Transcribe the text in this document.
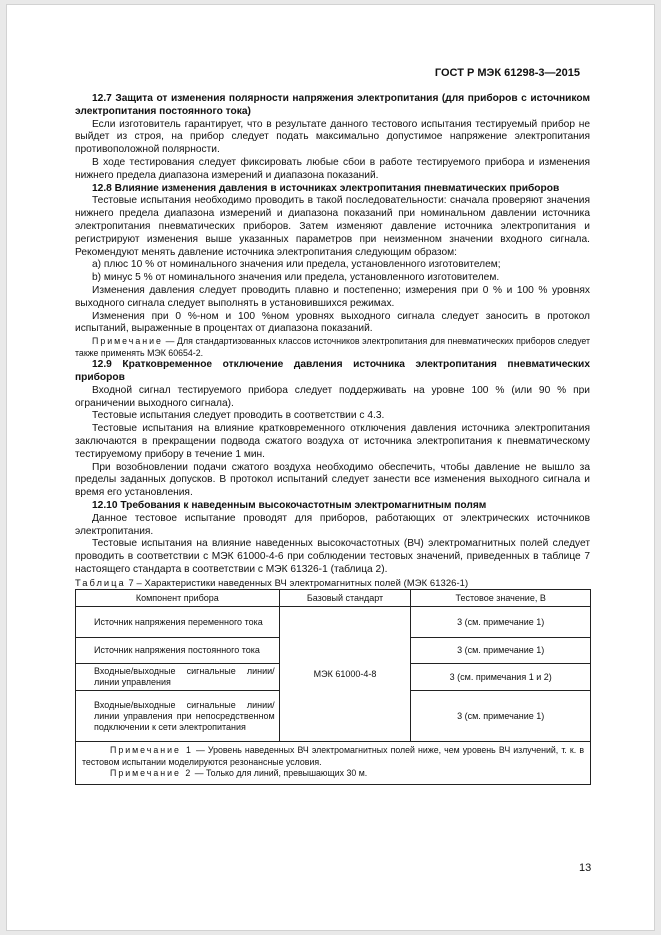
ГОСТ Р МЭК 61298-3—2015

12.7 Защита от изменения полярности напряжения электропитания (для приборов с источником электропитания постоянного тока)

Если изготовитель гарантирует, что в результате данного тестового испытания тестируемый прибор не выйдет из строя, на прибор следует подать максимально допустимое напряжение электропитания противоположной полярности.

В ходе тестирования следует фиксировать любые сбои в работе тестируемого прибора и изменения нижнего предела диапазона измерений и диапазона показаний.

12.8 Влияние изменения давления в источниках электропитания пневматических приборов

Тестовые испытания необходимо проводить в такой последовательности: сначала проверяют значения нижнего предела диапазона измерений и диапазона показаний при номинальном давлении источника электропитания пневматических приборов. Затем изменяют давление источника электропитания и регистрируют изменения выше указанных параметров при неизменном значении входного сигнала. Рекомендуют менять давление источника электропитания следующим образом:

а) плюс 10 % от номинального значения или предела, установленного изготовителем;

b) минус 5 % от номинального значения или предела, установленного изготовителем.

Изменения давления следует проводить плавно и постепенно; измерения при 0 % и 100 % уровнях выходного сигнала следует выполнять в установившихся режимах.

Изменения при 0 %-ном и 100 %ном уровнях выходного сигнала следует заносить в протокол испытаний, выраженные в процентах от диапазона показаний.

Примечание — Для стандартизованных классов источников электропитания для пневматических приборов следует также применять МЭК 60654-2.

12.9 Кратковременное отключение давления источника электропитания пневматических приборов

Входной сигнал тестируемого прибора следует поддерживать на уровне 100 % (или 90 % при ограничении выходного сигнала).

Тестовые испытания следует проводить в соответствии с 4.3.

Тестовые испытания на влияние кратковременного отключения давления источника электропитания заключаются в прекращении подвода сжатого воздуха от источника электропитания к пневматическому тестируемому прибору в течение 1 мин.

При возобновлении подачи сжатого воздуха необходимо обеспечить, чтобы давление не вышло за пределы заданных допусков. В протокол испытаний следует занести все изменения выходного сигнала и время его установления.

12.10 Требования к наведенным высокочастотным электромагнитным полям

Данное тестовое испытание проводят для приборов, работающих от электрических источников электропитания.

Тестовые испытания на влияние наведенных высокочастотных (ВЧ) электромагнитных полей следует проводить в соответствии с МЭК 61000-4-6 при соблюдении тестовых значений, приведенных в таблице 7 настоящего стандарта в соответствии с МЭК 61326-1 (таблица 2).

Таблица 7 – Характеристики наведенных ВЧ электромагнитных полей (МЭК 61326-1)

Компонент прибора	Базовый стандарт	Тестовое значение, В
Источник напряжения переменного тока	МЭК 61000-4-8	3 (см. примечание 1)
Источник напряжения постоянного тока		3 (см. примечание 1)
Входные/выходные сигнальные линии/линии управления		3 (см. примечания 1 и 2)
Входные/выходные сигнальные линии/линии управления при непосредственном подключении к сети электропитания		3 (см. примечание 1)

Примечание 1 — Уровень наведенных ВЧ электромагнитных полей ниже, чем уровень ВЧ излучений, т. к. в тестовом испытании моделируются резонансные условия.

Примечание 2 — Только для линий, превышающих 30 м.		

13
